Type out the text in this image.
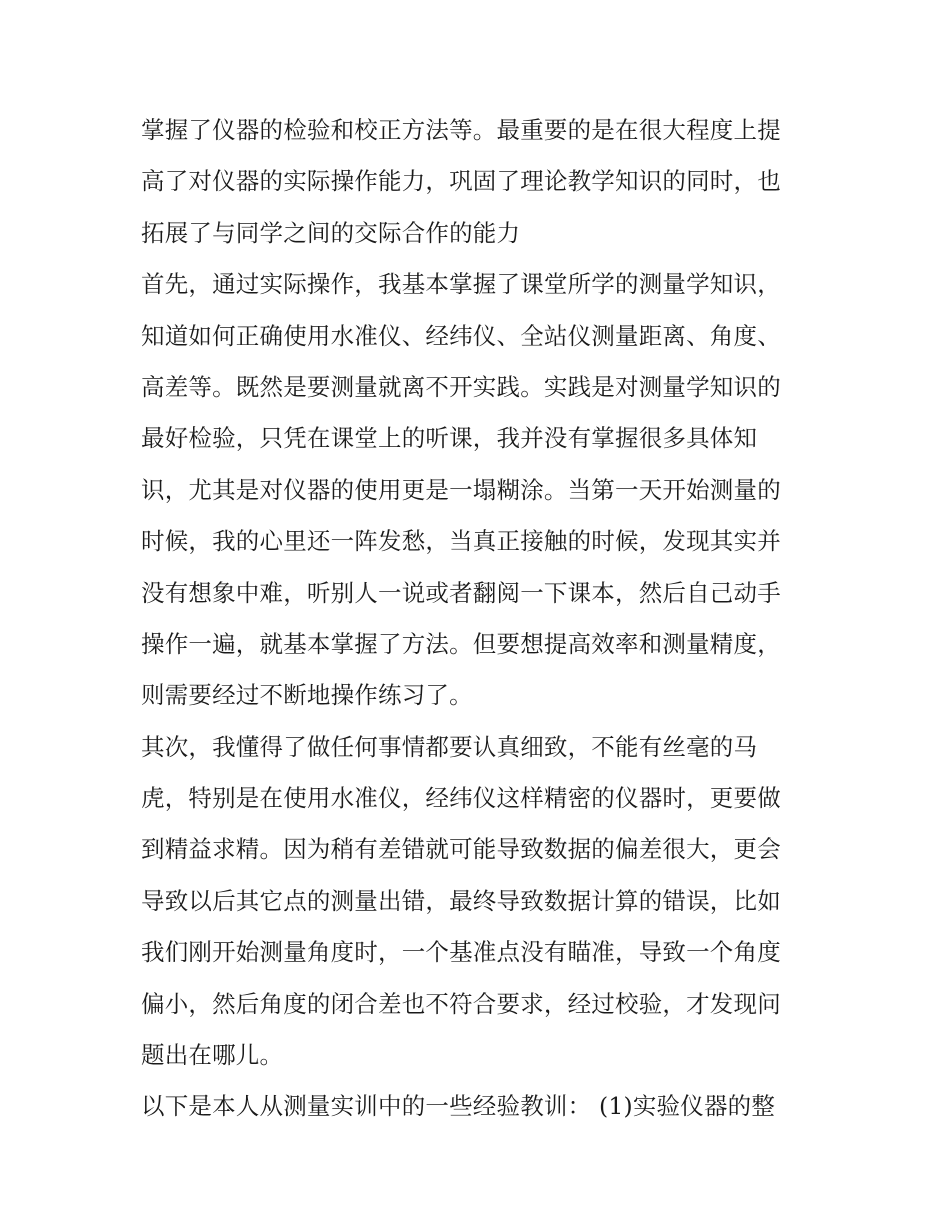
掌握了仪器的检验和校正方法等。最重要的是在很大程度上提
高了对仪器的实际操作能力，巩固了理论教学知识的同时，也
拓展了与同学之间的交际合作的能力
首先，通过实际操作，我基本掌握了课堂所学的测量学知识，
知道如何正确使用水准仪、经纬仪、全站仪测量距离、角度、
高差等。既然是要测量就离不开实践。实践是对测量学知识的
最好检验，只凭在课堂上的听课，我并没有掌握很多具体知
识，尤其是对仪器的使用更是一塌糊涂。当第一天开始测量的
时候，我的心里还一阵发愁，当真正接触的时候，发现其实并
没有想象中难，听别人一说或者翻阅一下课本，然后自己动手
操作一遍，就基本掌握了方法。但要想提高效率和测量精度，
则需要经过不断地操作练习了。
其次，我懂得了做任何事情都要认真细致，不能有丝毫的马
虎，特别是在使用水准仪，经纬仪这样精密的仪器时，更要做
到精益求精。因为稍有差错就可能导致数据的偏差很大，更会
导致以后其它点的测量出错，最终导致数据计算的错误，比如
我们刚开始测量角度时，一个基准点没有瞄准，导致一个角度
偏小，然后角度的闭合差也不符合要求，经过校验，才发现问
题出在哪儿。
以下是本人从测量实训中的一些经验教训： (1)实验仪器的整
